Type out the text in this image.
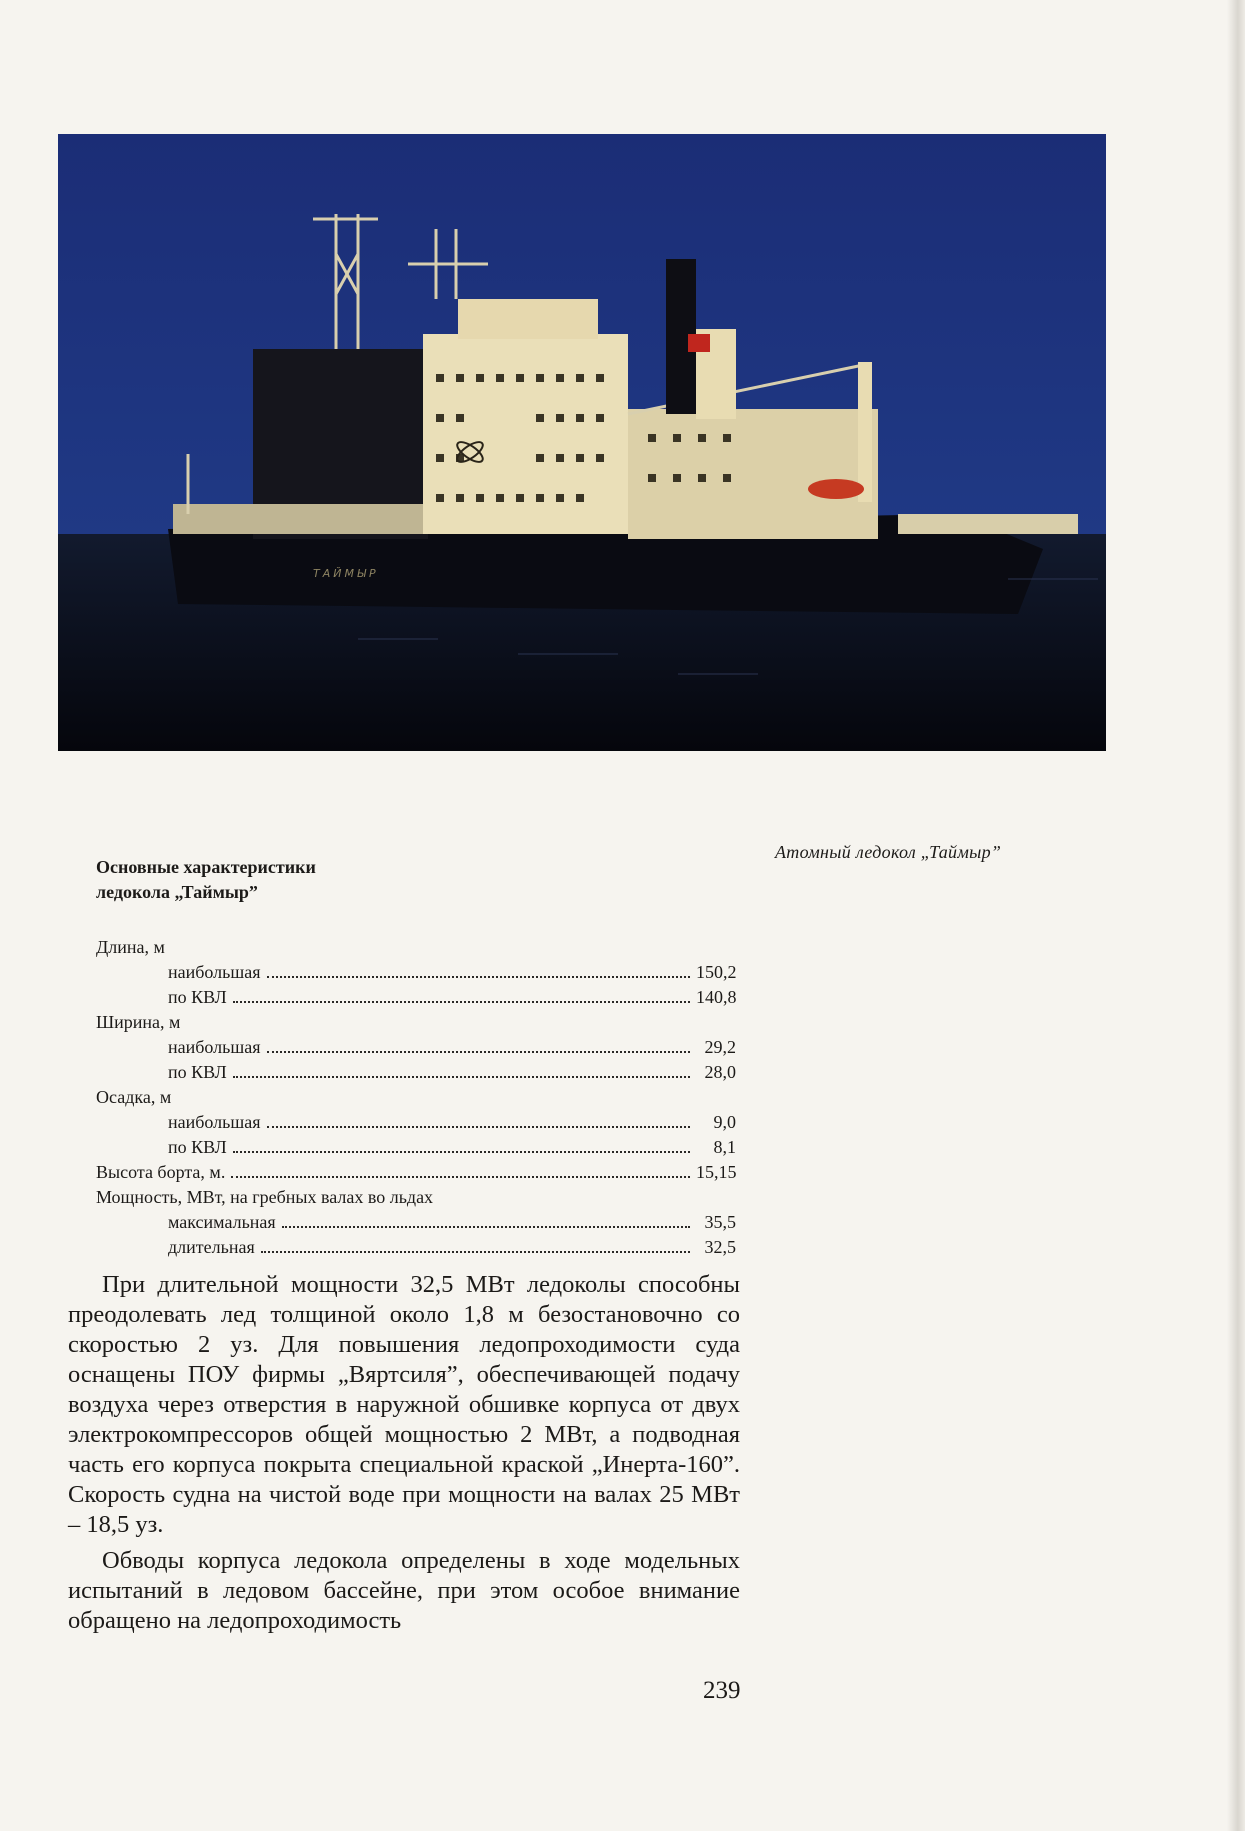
ТАЙМЫР
Атомный ледокол „Таймыр”
Основные характеристики
ледокола „Таймыр”
Длина, м
наибольшая	150,2
по КВЛ	140,8
Ширина, м
наибольшая	29,2
по КВЛ	28,0
Осадка, м
наибольшая	9,0
по КВЛ	8,1
Высота борта, м.	15,15
Мощность, МВт, на гребных валах во льдах
максимальная	35,5
длительная	32,5

При длительной мощности 32,5 МВт ледоколы способны преодолевать лед толщиной около 1,8 м безостановочно со скоростью 2 уз. Для повышения ледопроходимости суда оснащены ПОУ фирмы „Вяртсиля”, обеспечивающей подачу воздуха через отверстия в наружной обшивке корпуса от двух электрокомпрессоров общей мощностью 2 МВт, а подводная часть его корпуса покрыта специальной краской „Инерта-160”. Скорость судна на чистой воде при мощности на валах 25 МВт – 18,5 уз.

Обводы корпуса ледокола определены в ходе модельных испытаний в ледовом бассейне, при этом особое внимание обращено на ледопроходимость

239
